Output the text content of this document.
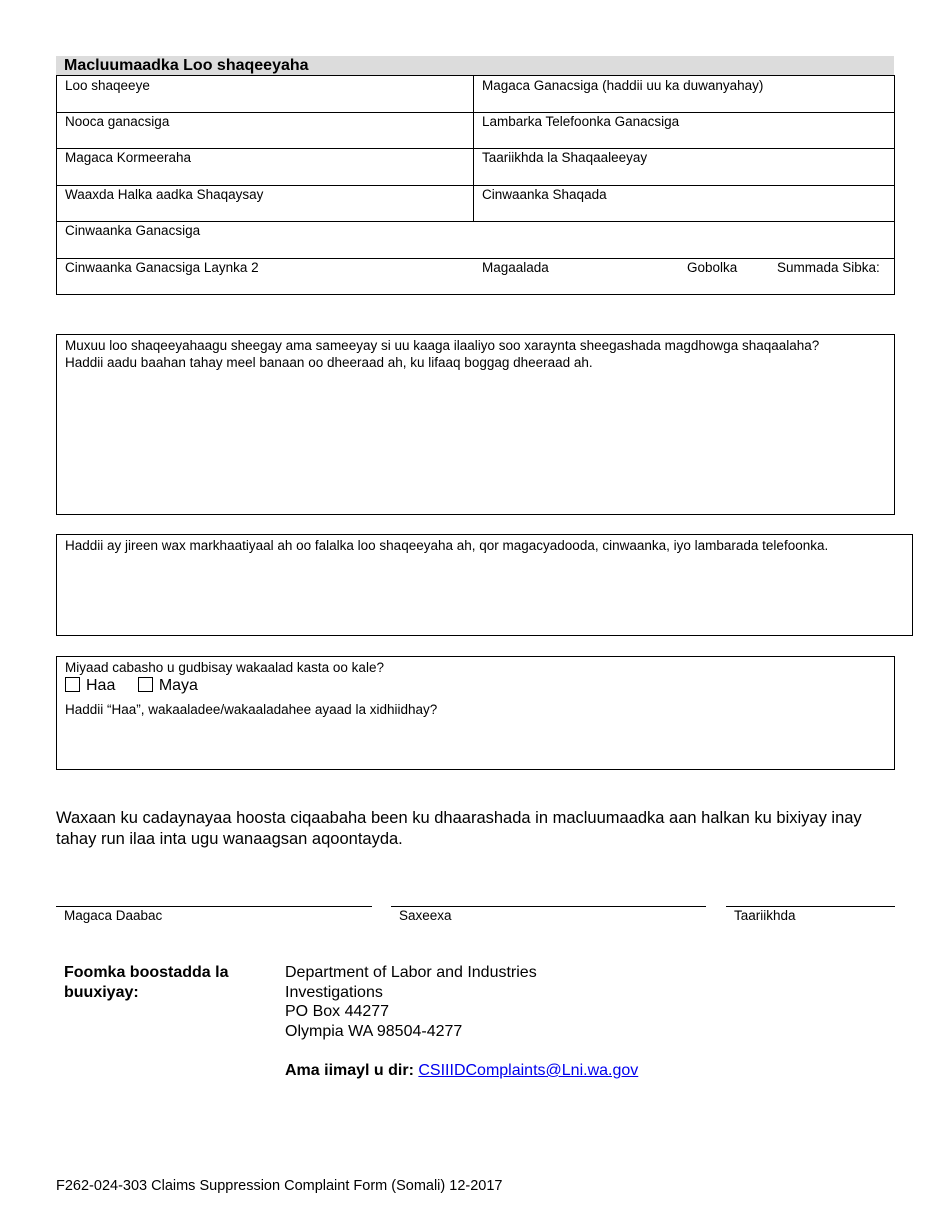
Macluumaadka Loo shaqeeyaha
Loo shaqeeye	Magaca Ganacsiga (haddii uu ka duwanyahay)
Nooca ganacsiga	Lambarka Telefoonka Ganacsiga
Magaca Kormeeraha	Taariikhda la Shaqaaleeyay
Waaxda Halka aadka Shaqaysay	Cinwaanka Shaqada
Cinwaanka Ganacsiga
Cinwaanka Ganacsiga Laynka 2	Magaalada	Gobolka	Summada Sibka:
Muxuu loo shaqeeyahaagu sheegay ama sameeyay si uu kaaga ilaaliyo soo xaraynta sheegashada magdhowga shaqaalaha?
Haddii aadu baahan tahay meel banaan oo dheeraad ah, ku lifaaq boggag dheeraad ah.
Haddii ay jireen wax markhaatiyaal ah oo falalka loo shaqeeyaha ah, qor magacyadooda, cinwaanka, iyo lambarada telefoonka.
Miyaad cabasho u gudbisay wakaalad kasta oo kale?
Haa	Maya
Haddii “Haa”, wakaaladee/wakaaladahee ayaad la xidhiidhay?
Waxaan ku cadaynayaa hoosta ciqaabaha been ku dhaarashada in macluumaadka aan halkan ku bixiyay inay tahay run ilaa inta ugu wanaagsan aqoontayda.
Magaca Daabac	Saxeexa	Taariikhda
Foomka boostadda la buuxiyay:
Department of Labor and Industries
Investigations
PO Box 44277
Olympia WA 98504-4277
Ama iimayl u dir: CSIIIDComplaints@Lni.wa.gov
F262-024-303 Claims Suppression Complaint Form (Somali) 12-2017
